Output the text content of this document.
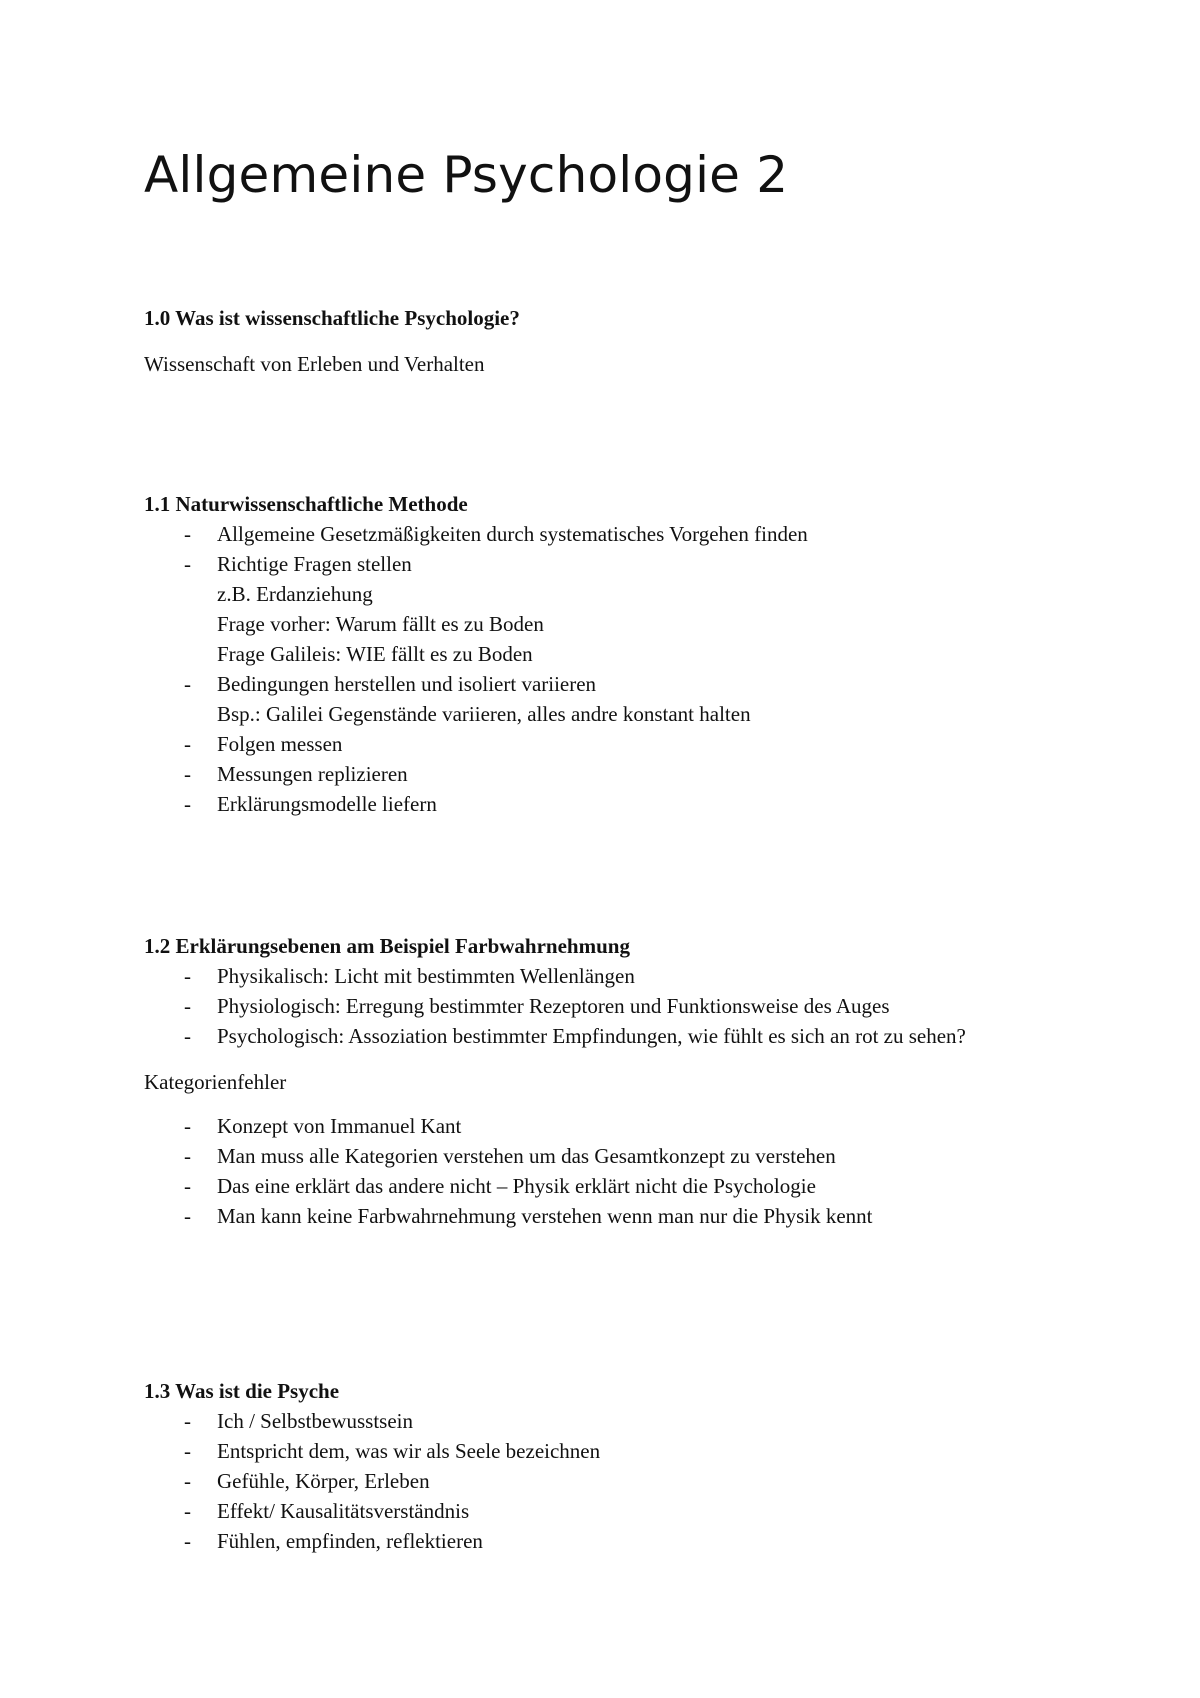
Allgemeine Psychologie 2

1.0 Was ist wissenschaftliche Psychologie?

Wissenschaft von Erleben und Verhalten

1.1 Naturwissenschaftliche Methode

- Allgemeine Gesetzmäßigkeiten durch systematisches Vorgehen finden
- Richtige Fragen stellen
z.B. Erdanziehung
Frage vorher: Warum fällt es zu Boden
Frage Galileis: WIE fällt es zu Boden
- Bedingungen herstellen und isoliert variieren
Bsp.: Galilei Gegenstände variieren, alles andre konstant halten
- Folgen messen
- Messungen replizieren
- Erklärungsmodelle liefern

1.2 Erklärungsebenen am Beispiel Farbwahrnehmung

- Physikalisch: Licht mit bestimmten Wellenlängen
- Physiologisch: Erregung bestimmter Rezeptoren und Funktionsweise des Auges
- Psychologisch: Assoziation bestimmter Empfindungen, wie fühlt es sich an rot zu sehen?

Kategorienfehler

- Konzept von Immanuel Kant
- Man muss alle Kategorien verstehen um das Gesamtkonzept zu verstehen
- Das eine erklärt das andere nicht – Physik erklärt nicht die Psychologie
- Man kann keine Farbwahrnehmung verstehen wenn man nur die Physik kennt

1.3 Was ist die Psyche

- Ich / Selbstbewusstsein
- Entspricht dem, was wir als Seele bezeichnen
- Gefühle, Körper, Erleben
- Effekt/ Kausalitätsverständnis
- Fühlen, empfinden, reflektieren
